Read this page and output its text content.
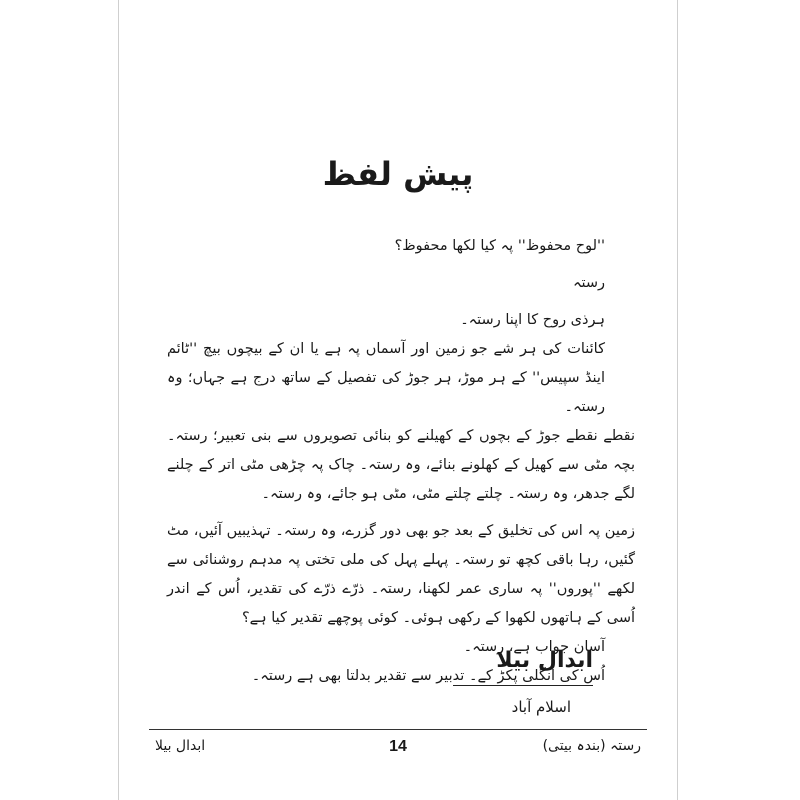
پیش لفظ

''لوح محفوظ'' پہ کیا لکھا محفوظ؟

رستہ

ہرذی روح کا اپنا رستہ۔

کائنات کی ہر شے جو زمین اور آسماں پہ ہے یا ان کے بیچوں بیچ ''ٹائم اینڈ سپیس'' کے ہر موڑ، ہر جوڑ کی تفصیل کے ساتھ درج ہے جہاں؛ وہ رستہ۔

نقطے نقطے جوڑ کے بچوں کے کھیلنے کو بنائی تصویروں سے بنی تعبیر؛ رستہ۔ بچہ مٹی سے کھیل کے کھلونے بنائے، وہ رستہ۔ چاک پہ چڑھی مٹی اتر کے چلنے لگے جدھر، وہ رستہ۔ چلتے چلتے مٹی، مٹی ہو جائے، وہ رستہ۔

زمین پہ اس کی تخلیق کے بعد جو بھی دور گزرے، وہ رستہ۔ تہذیبیں آئیں، مٹ گئیں، رہا باقی کچھ تو رستہ۔ پہلے پہل کی ملی تختی پہ مدہم روشنائی سے لکھے ''پوروں'' پہ ساری عمر لکھنا، رستہ۔ ذرّے ذرّے کی تقدیر، اُس کے اندر اُسی کے ہاتھوں لکھوا کے رکھی ہوئی۔ کوئی پوچھے تقدیر کیا ہے؟

آسان جواب ہے، رستہ۔

اُس کی انگلی پکڑ کے۔ تدبیر سے تقدیر بدلتا بھی ہے رستہ۔

ابدال بیلا

اسلام آباد
رستہ (بندہ بیتی)
14
ابدال بیلا
